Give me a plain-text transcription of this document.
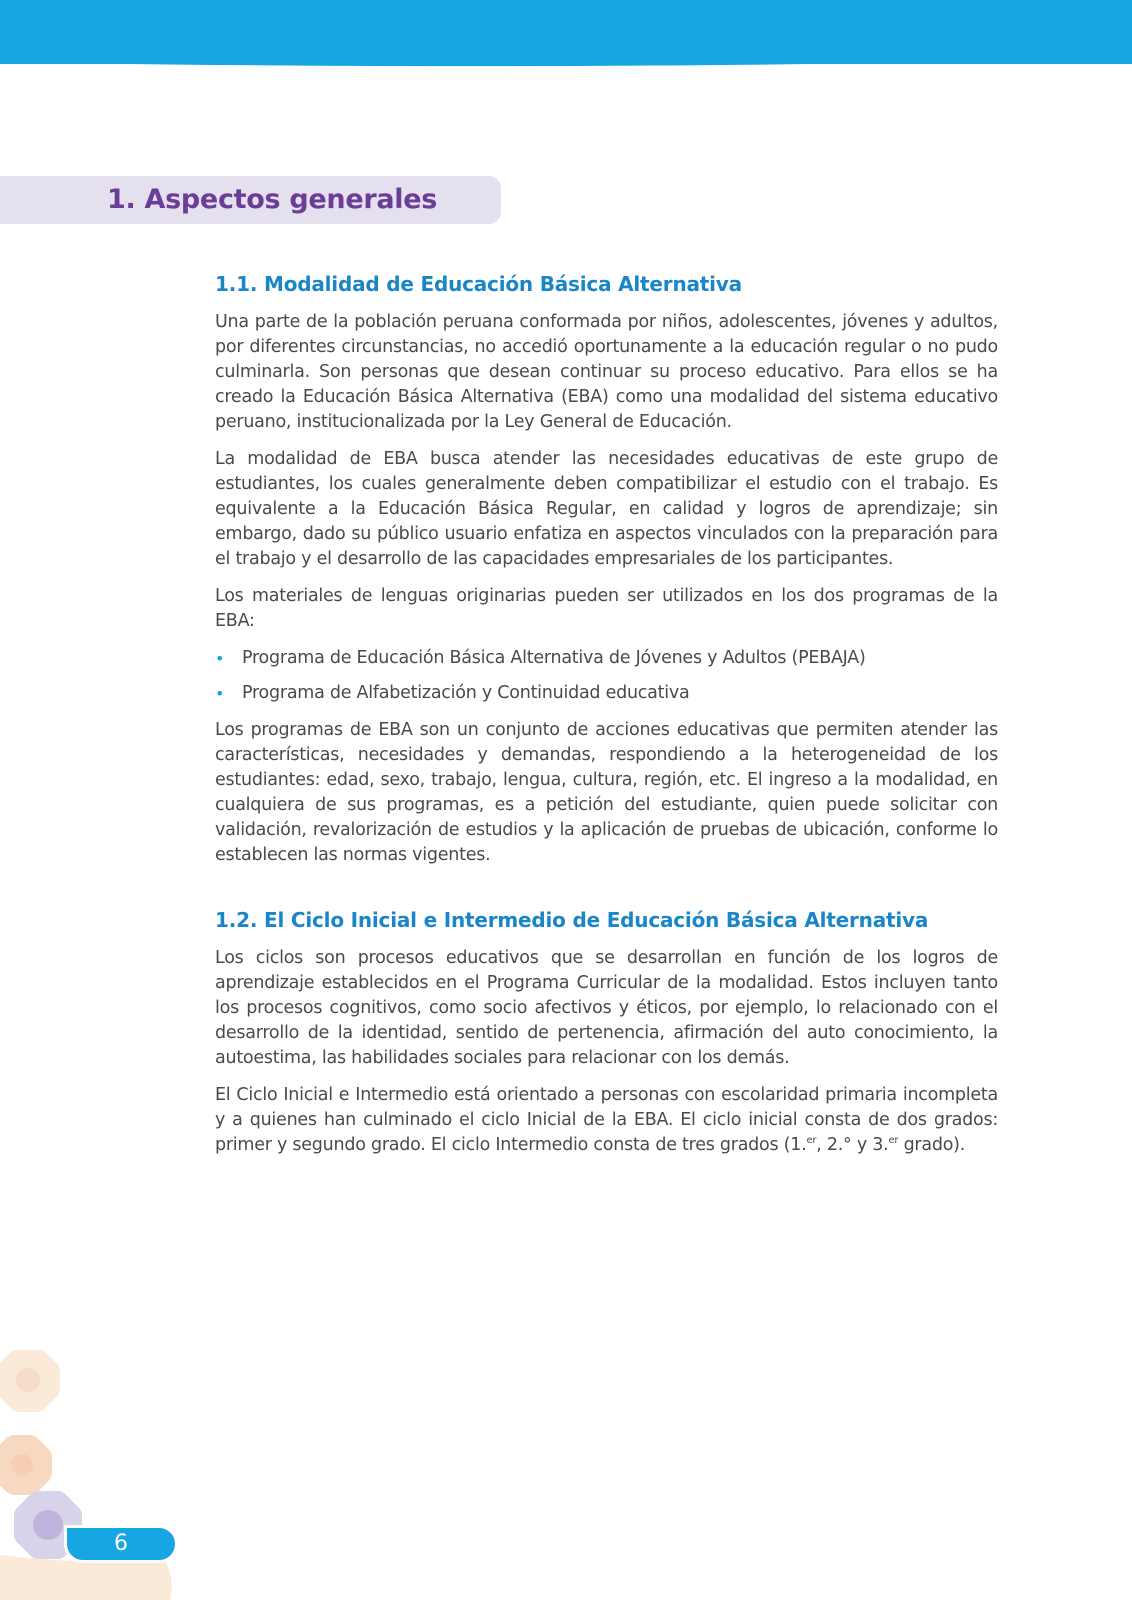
1. Aspectos generales
1.1. Modalidad de Educación Básica Alternativa

Una parte de la población peruana conformada por niños, adolescentes, jóvenes y adultos, por diferentes circunstancias, no accedió oportunamente a la educación regular o no pudo culminarla. Son personas que desean continuar su proceso educativo. Para ellos se ha creado la Educación Básica Alternativa (EBA) como una modalidad del sistema educativo peruano, institucionalizada por la Ley General de Educación.

La modalidad de EBA busca atender las necesidades educativas de este grupo de estudiantes, los cuales generalmente deben compatibilizar el estudio con el trabajo. Es equivalente a la Educación Básica Regular, en calidad y logros de aprendizaje; sin embargo, dado su público usuario enfatiza en aspectos vinculados con la preparación para el trabajo y el desarrollo de las capacidades empresariales de los participantes.

Los materiales de lenguas originarias pueden ser utilizados en los dos programas de la EBA:

• Programa de Educación Básica Alternativa de Jóvenes y Adultos (PEBAJA)
• Programa de Alfabetización y Continuidad educativa

Los programas de EBA son un conjunto de acciones educativas que permiten atender las características, necesidades y demandas, respondiendo a la heterogeneidad de los estudiantes: edad, sexo, trabajo, lengua, cultura, región, etc. El ingreso a la modalidad, en cualquiera de sus programas, es a petición del estudiante, quien puede solicitar con validación, revalorización de estudios y la aplicación de pruebas de ubicación, conforme lo establecen las normas vigentes.

1.2. El Ciclo Inicial e Intermedio de Educación Básica Alternativa

Los ciclos son procesos educativos que se desarrollan en función de los logros de aprendizaje establecidos en el Programa Curricular de la modalidad. Estos incluyen tanto los procesos cognitivos, como socio afectivos y éticos, por ejemplo, lo relacionado con el desarrollo de la identidad, sentido de pertenencia, afirmación del auto conocimiento, la autoestima, las habilidades sociales para relacionar con los demás.

El Ciclo Inicial e Intermedio está orientado a personas con escolaridad primaria incompleta y a quienes han culminado el ciclo Inicial de la EBA. El ciclo inicial consta de dos grados: primer y segundo grado. El ciclo Intermedio consta de tres grados (1.$^{er}$, 2.° y 3.$^{er}$ grado).

6
